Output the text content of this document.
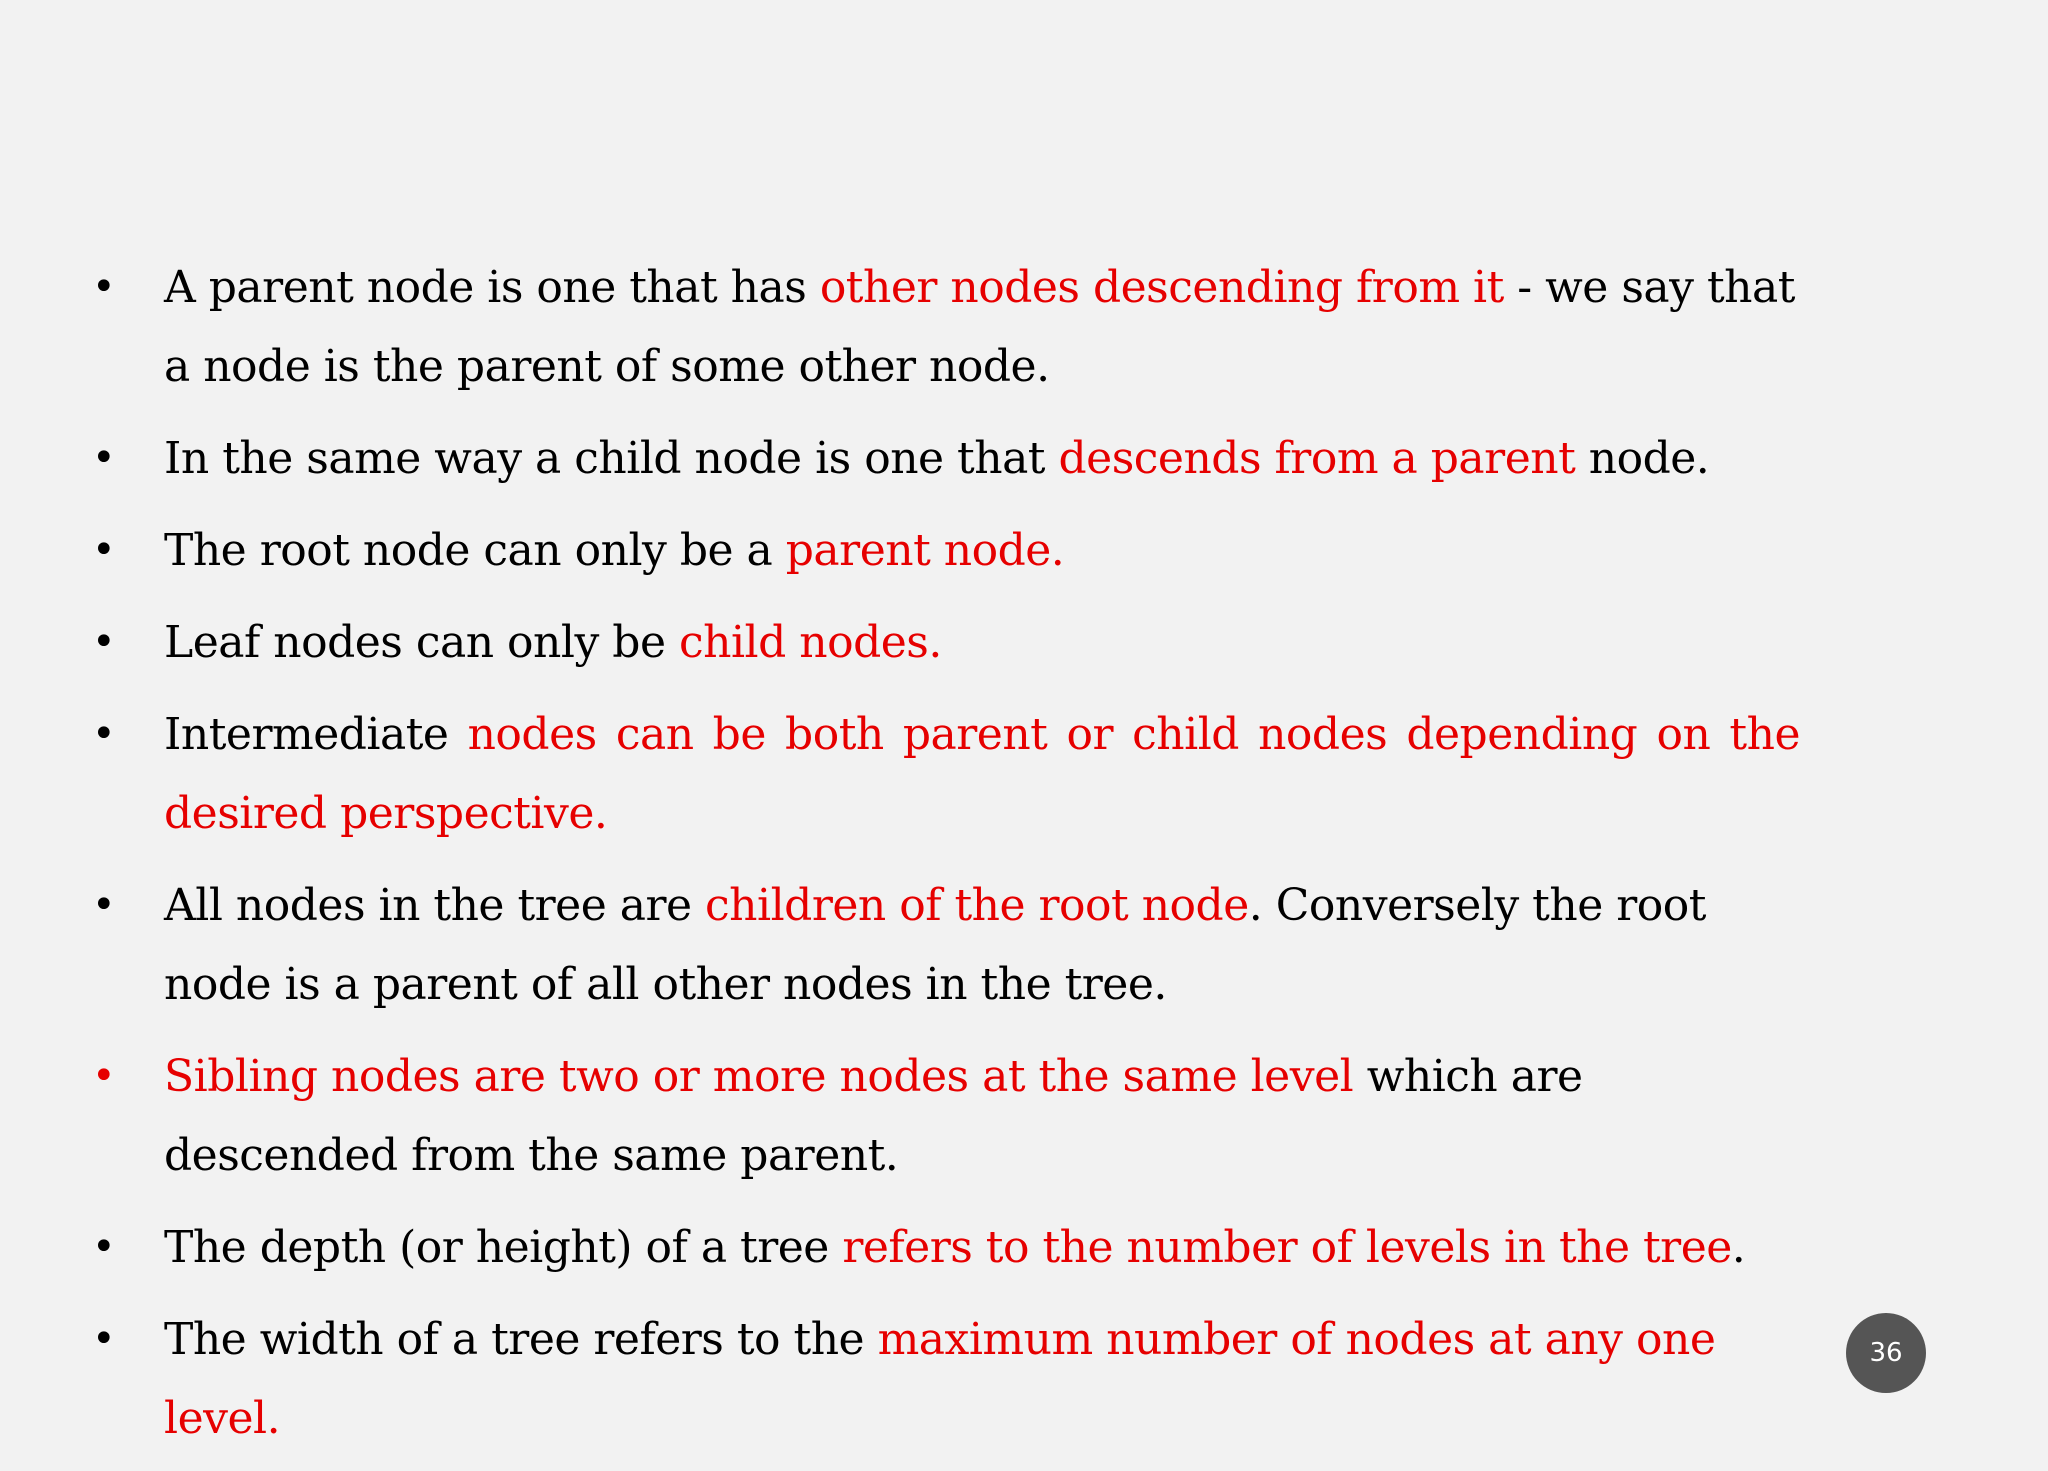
• A parent node is one that has other nodes descending from it - we say that a node is the parent of some other node.
• In the same way a child node is one that descends from a parent node.
• The root node can only be a parent node.
• Leaf nodes can only be child nodes.
• Intermediate nodes can be both parent or child nodes depending on the desired perspective.
• All nodes in the tree are children of the root node. Conversely the root node is a parent of all other nodes in the tree.
• Sibling nodes are two or more nodes at the same level which are descended from the same parent.
• The depth (or height) of a tree refers to the number of levels in the tree.
• The width of a tree refers to the maximum number of nodes at any one level.
36
